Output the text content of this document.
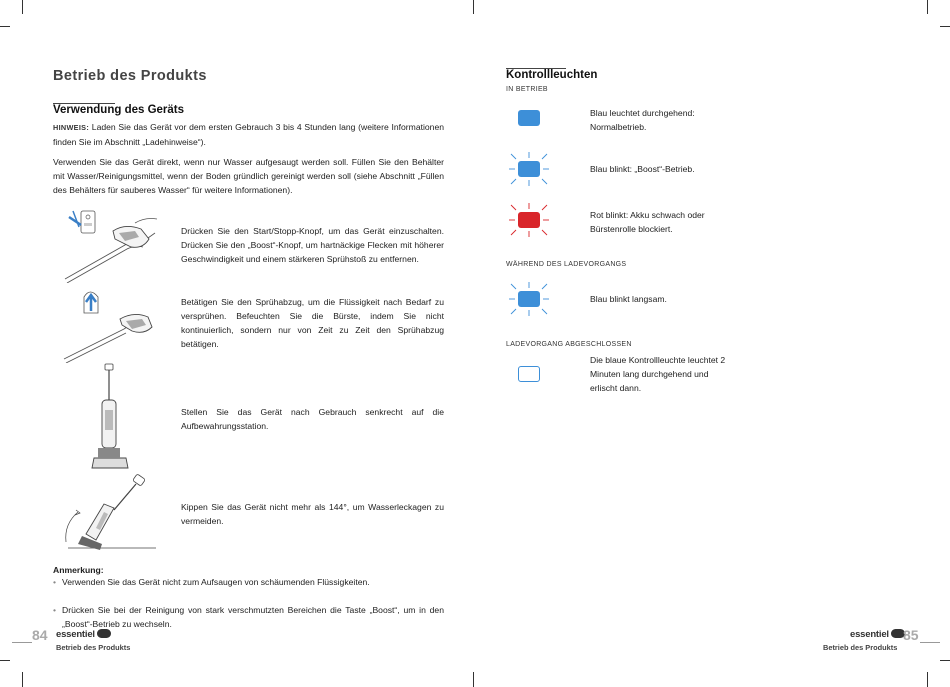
Betrieb des Produkts
Verwendung des Geräts
HINWEIS: Laden Sie das Gerät vor dem ersten Gebrauch 3 bis 4 Stunden lang (weitere Informationen finden Sie im Abschnitt „Ladehinweise“).
Verwenden Sie das Gerät direkt, wenn nur Wasser aufgesaugt werden soll. Füllen Sie den Behälter mit Wasser/Reinigungsmittel, wenn der Boden gründlich gereinigt werden soll (siehe Abschnitt „Füllen des Behälters für sauberes Wasser“ für weitere Informationen).
Drücken Sie den Start/Stopp-Knopf, um das Gerät einzuschalten. Drücken Sie den „Boost“-Knopf, um hartnäckige Flecken mit höherer Geschwindigkeit und einem stärkeren Sprühstoß zu entfernen.
Betätigen Sie den Sprühabzug, um die Flüssigkeit nach Bedarf zu versprühen. Befeuchten Sie die Bürste, indem Sie nicht kontinuierlich, sondern nur von Zeit zu Zeit den Sprühabzug betätigen.
Stellen Sie das Gerät nach Gebrauch senkrecht auf die Aufbewahrungsstation.
Kippen Sie das Gerät nicht mehr als 144°, um Wasserleckagen zu vermeiden.
Anmerkung:
• Verwenden Sie das Gerät nicht zum Aufsaugen von schäumenden Flüssigkeiten.
• Drücken Sie bei der Reinigung von stark verschmutzten Bereichen die Taste „Boost“, um in den „Boost“-Betrieb zu wechseln.
84 essentiel
Betrieb des Produkts
Kontrollleuchten
IN BETRIEB
Blau leuchtet durchgehend: Normalbetrieb.
Blau blinkt: „Boost“-Betrieb.
Rot blinkt: Akku schwach oder Bürstenrolle blockiert.
WÄHREND DES LADEVORGANGS
Blau blinkt langsam.
LADEVORGANG ABGESCHLOSSEN
Die blaue Kontrollleuchte leuchtet 2 Minuten lang durchgehend und erlischt dann.
essentiel	85
Betrieb des Produkts
